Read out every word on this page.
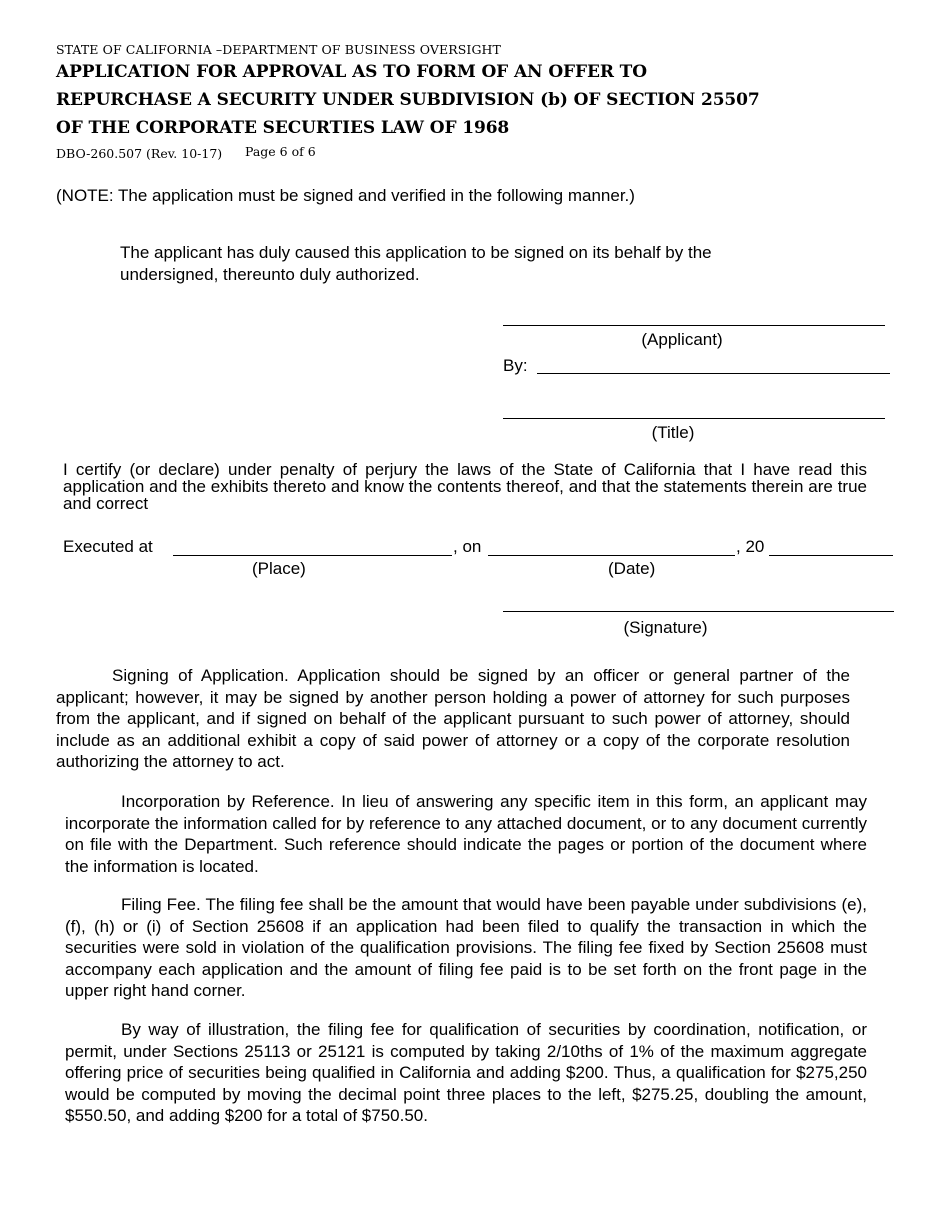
STATE OF CALIFORNIA –DEPARTMENT OF BUSINESS OVERSIGHT
APPLICATION FOR APPROVAL AS TO FORM OF AN OFFER TO
REPURCHASE A SECURITY UNDER SUBDIVISION (b) OF SECTION 25507
OF THE CORPORATE SECURTIES LAW OF 1968
DBO-260.507 (Rev. 10-17) Page 6 of 6
(NOTE: The application must be signed and verified in the following manner.)
The applicant has duly caused this application to be signed on its behalf by the
undersigned, thereunto duly authorized.
(Applicant)
By:
(Title)
I certify (or declare) under penalty of perjury the laws of the State of California that I have read this application and the exhibits thereto and know the contents thereof, and that the statements therein are true and correct
Executed at	, on	, 20
(Place)	(Date)
(Signature)
Signing of Application. Application should be signed by an officer or general partner of the applicant; however, it may be signed by another person holding a power of attorney for such purposes from the applicant, and if signed on behalf of the applicant pursuant to such power of attorney, should include as an additional exhibit a copy of said power of attorney or a copy of the corporate resolution authorizing the attorney to act.
Incorporation by Reference. In lieu of answering any specific item in this form, an applicant may incorporate the information called for by reference to any attached document, or to any document currently on file with the Department. Such reference should indicate the pages or portion of the document where the information is located.
Filing Fee. The filing fee shall be the amount that would have been payable under subdivisions (e), (f), (h) or (i) of Section 25608 if an application had been filed to qualify the transaction in which the securities were sold in violation of the qualification provisions. The filing fee fixed by Section 25608 must accompany each application and the amount of filing fee paid is to be set forth on the front page in the upper right hand corner.
By way of illustration, the filing fee for qualification of securities by coordination, notification, or permit, under Sections 25113 or 25121 is computed by taking 2/10ths of 1% of the maximum aggregate offering price of securities being qualified in California and adding $200. Thus, a qualification for $275,250 would be computed by moving the decimal point three places to the left, $275.25, doubling the amount, $550.50, and adding $200 for a total of $750.50.
